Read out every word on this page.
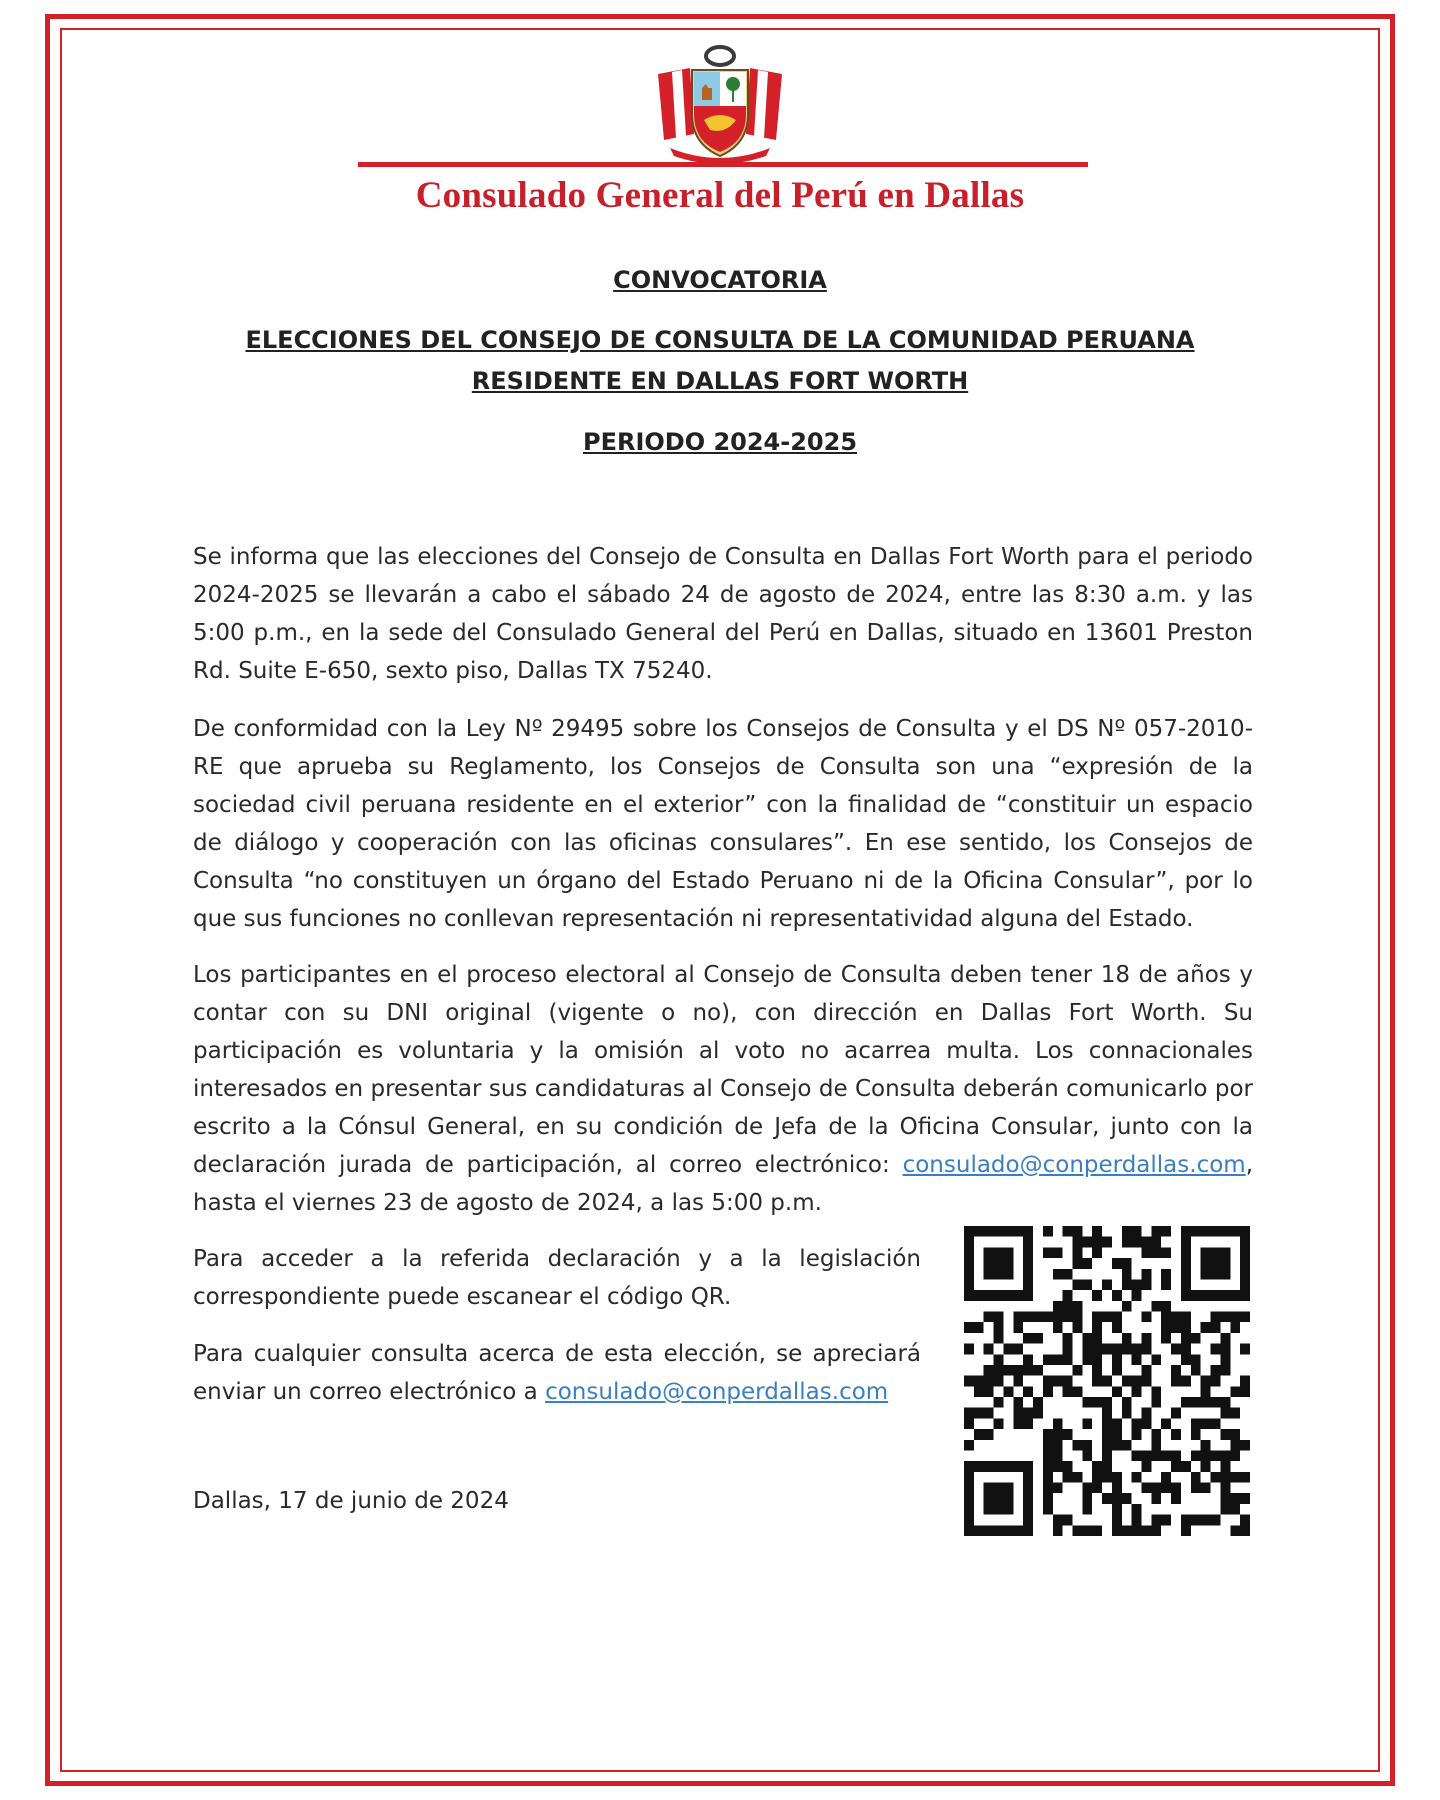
Consulado General del Perú en Dallas
CONVOCATORIA
ELECCIONES DEL CONSEJO DE CONSULTA DE LA COMUNIDAD PERUANA
RESIDENTE EN DALLAS FORT WORTH
PERIODO 2024-2025

Se informa que las elecciones del Consejo de Consulta en Dallas Fort Worth para el periodo 2024-2025 se llevarán a cabo el sábado 24 de agosto de 2024, entre las 8:30 a.m. y las 5:00 p.m., en la sede del Consulado General del Perú en Dallas, situado en 13601 Preston Rd. Suite E-650, sexto piso, Dallas TX 75240.

De conformidad con la Ley Nº 29495 sobre los Consejos de Consulta y el DS Nº 057-2010-RE que aprueba su Reglamento, los Consejos de Consulta son una “expresión de la sociedad civil peruana residente en el exterior” con la finalidad de “constituir un espacio de diálogo y cooperación con las oficinas consulares”. En ese sentido, los Consejos de Consulta “no constituyen un órgano del Estado Peruano ni de la Oficina Consular”, por lo que sus funciones no conllevan representación ni representatividad alguna del Estado.

Los participantes en el proceso electoral al Consejo de Consulta deben tener 18 de años y contar con su DNI original (vigente o no), con dirección en Dallas Fort Worth. Su participación es voluntaria y la omisión al voto no acarrea multa. Los connacionales interesados en presentar sus candidaturas al Consejo de Consulta deberán comunicarlo por escrito a la Cónsul General, en su condición de Jefa de la Oficina Consular, junto con la declaración jurada de participación, al correo electrónico: consulado@conperdallas.com, hasta el viernes 23 de agosto de 2024, a las 5:00 p.m.

Para acceder a la referida declaración y a la legislación correspondiente puede escanear el código QR.

Para cualquier consulta acerca de esta elección, se apreciará enviar un correo electrónico a consulado@conperdallas.com

Dallas, 17 de junio de 2024
